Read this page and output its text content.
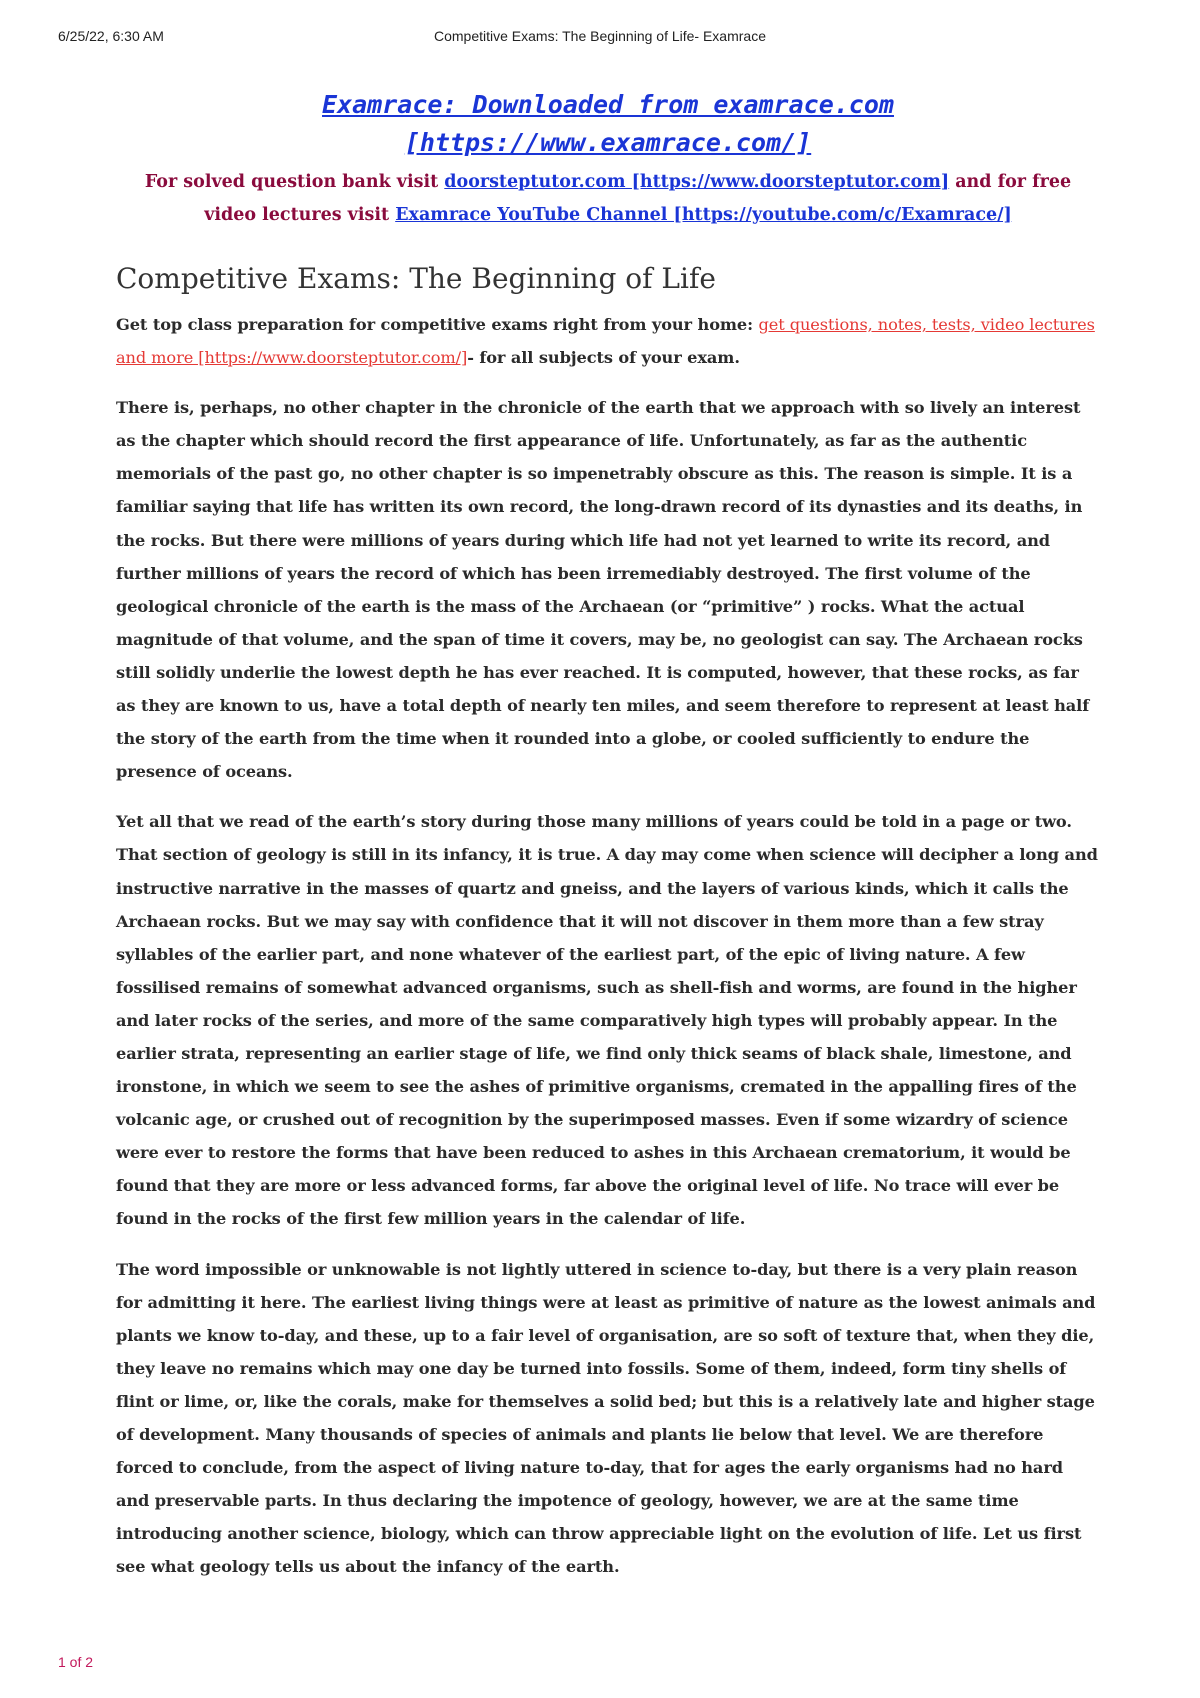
6/25/22, 6:30 AM	Competitive Exams: The Beginning of Life- Examrace
Examrace: Downloaded from examrace.com [https://www.examrace.com/]
For solved question bank visit doorsteptutor.com [https://www.doorsteptutor.com] and for free video lectures visit Examrace YouTube Channel [https://youtube.com/c/Examrace/]
Competitive Exams: The Beginning of Life

Get top class preparation for competitive exams right from your home: get questions, notes, tests, video lectures and more [https://www.doorsteptutor.com/]- for all subjects of your exam.

There is, perhaps, no other chapter in the chronicle of the earth that we approach with so lively an interest as the chapter which should record the first appearance of life. Unfortunately, as far as the authentic memorials of the past go, no other chapter is so impenetrably obscure as this. The reason is simple. It is a familiar saying that life has written its own record, the long-drawn record of its dynasties and its deaths, in the rocks. But there were millions of years during which life had not yet learned to write its record, and further millions of years the record of which has been irremediably destroyed. The first volume of the geological chronicle of the earth is the mass of the Archaean (or “primitive” ) rocks. What the actual magnitude of that volume, and the span of time it covers, may be, no geologist can say. The Archaean rocks still solidly underlie the lowest depth he has ever reached. It is computed, however, that these rocks, as far as they are known to us, have a total depth of nearly ten miles, and seem therefore to represent at least half the story of the earth from the time when it rounded into a globe, or cooled sufficiently to endure the presence of oceans.

Yet all that we read of the earth’s story during those many millions of years could be told in a page or two. That section of geology is still in its infancy, it is true. A day may come when science will decipher a long and instructive narrative in the masses of quartz and gneiss, and the layers of various kinds, which it calls the Archaean rocks. But we may say with confidence that it will not discover in them more than a few stray syllables of the earlier part, and none whatever of the earliest part, of the epic of living nature. A few fossilised remains of somewhat advanced organisms, such as shell-fish and worms, are found in the higher and later rocks of the series, and more of the same comparatively high types will probably appear. In the earlier strata, representing an earlier stage of life, we find only thick seams of black shale, limestone, and ironstone, in which we seem to see the ashes of primitive organisms, cremated in the appalling fires of the volcanic age, or crushed out of recognition by the superimposed masses. Even if some wizardry of science were ever to restore the forms that have been reduced to ashes in this Archaean crematorium, it would be found that they are more or less advanced forms, far above the original level of life. No trace will ever be found in the rocks of the first few million years in the calendar of life.

The word impossible or unknowable is not lightly uttered in science to-day, but there is a very plain reason for admitting it here. The earliest living things were at least as primitive of nature as the lowest animals and plants we know to-day, and these, up to a fair level of organisation, are so soft of texture that, when they die, they leave no remains which may one day be turned into fossils. Some of them, indeed, form tiny shells of flint or lime, or, like the corals, make for themselves a solid bed; but this is a relatively late and higher stage of development. Many thousands of species of animals and plants lie below that level. We are therefore forced to conclude, from the aspect of living nature to-day, that for ages the early organisms had no hard and preservable parts. In thus declaring the impotence of geology, however, we are at the same time introducing another science, biology, which can throw appreciable light on the evolution of life. Let us first see what geology tells us about the infancy of the earth.

1 of 2
